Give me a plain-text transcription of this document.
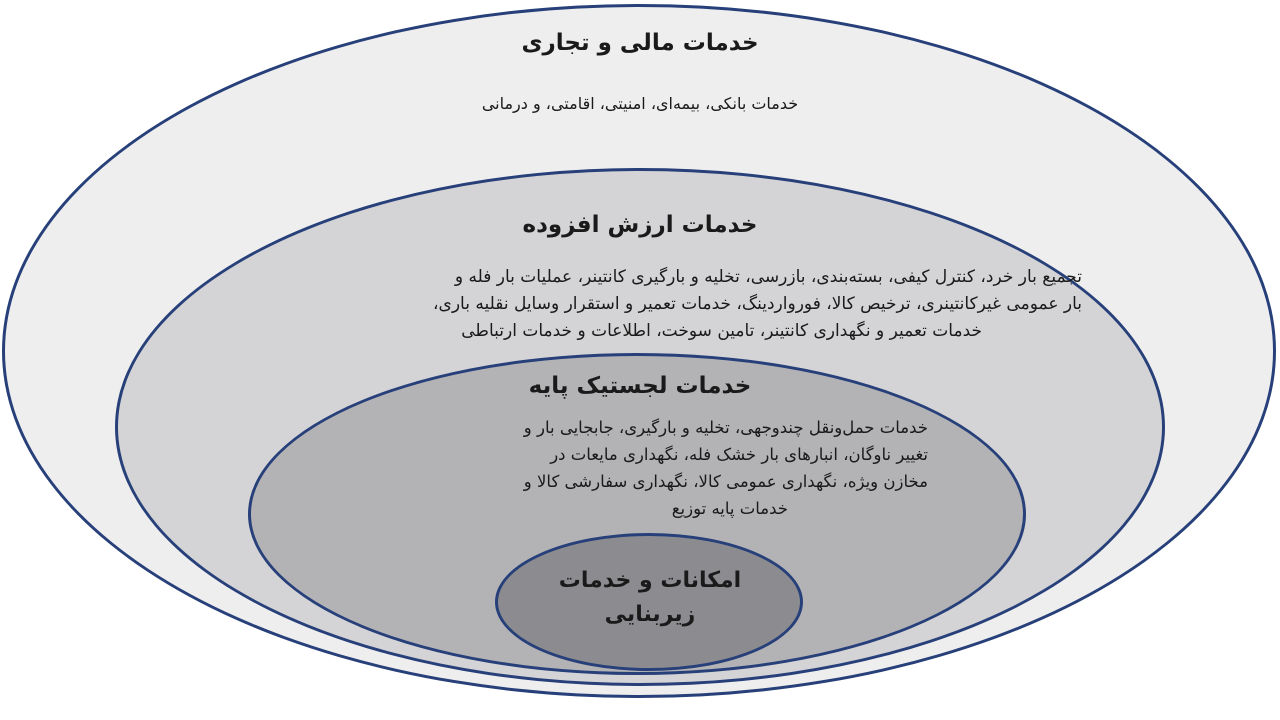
خدمات مالی و تجاری
خدمات بانکی، بیمه‌ای، امنیتی، اقامتی، و درمانی
خدمات ارزش افزوده
تجمیع بار خرد، کنترل کیفی، بسته‌بندی، بازرسی، تخلیه و بارگیری کانتینر، عملیات بار فله و
بار عمومی غیرکانتینری، ترخیص کالا، فورواردینگ، خدمات تعمیر و استقرار وسایل نقلیه باری،
خدمات تعمیر و نگهداری کانتینر، تامین سوخت، اطلاعات و خدمات ارتباطی
خدمات لجستیک پایه
خدمات حمل‌ونقل چندوجهی، تخلیه و بارگیری، جابجایی بار و
تغییر ناوگان، انبارهای بار خشک فله، نگهداری مایعات در
مخازن ویژه، نگهداری عمومی کالا، نگهداری سفارشی کالا و
خدمات پایه توزیع
امکانات و خدمات
زیربنایی
